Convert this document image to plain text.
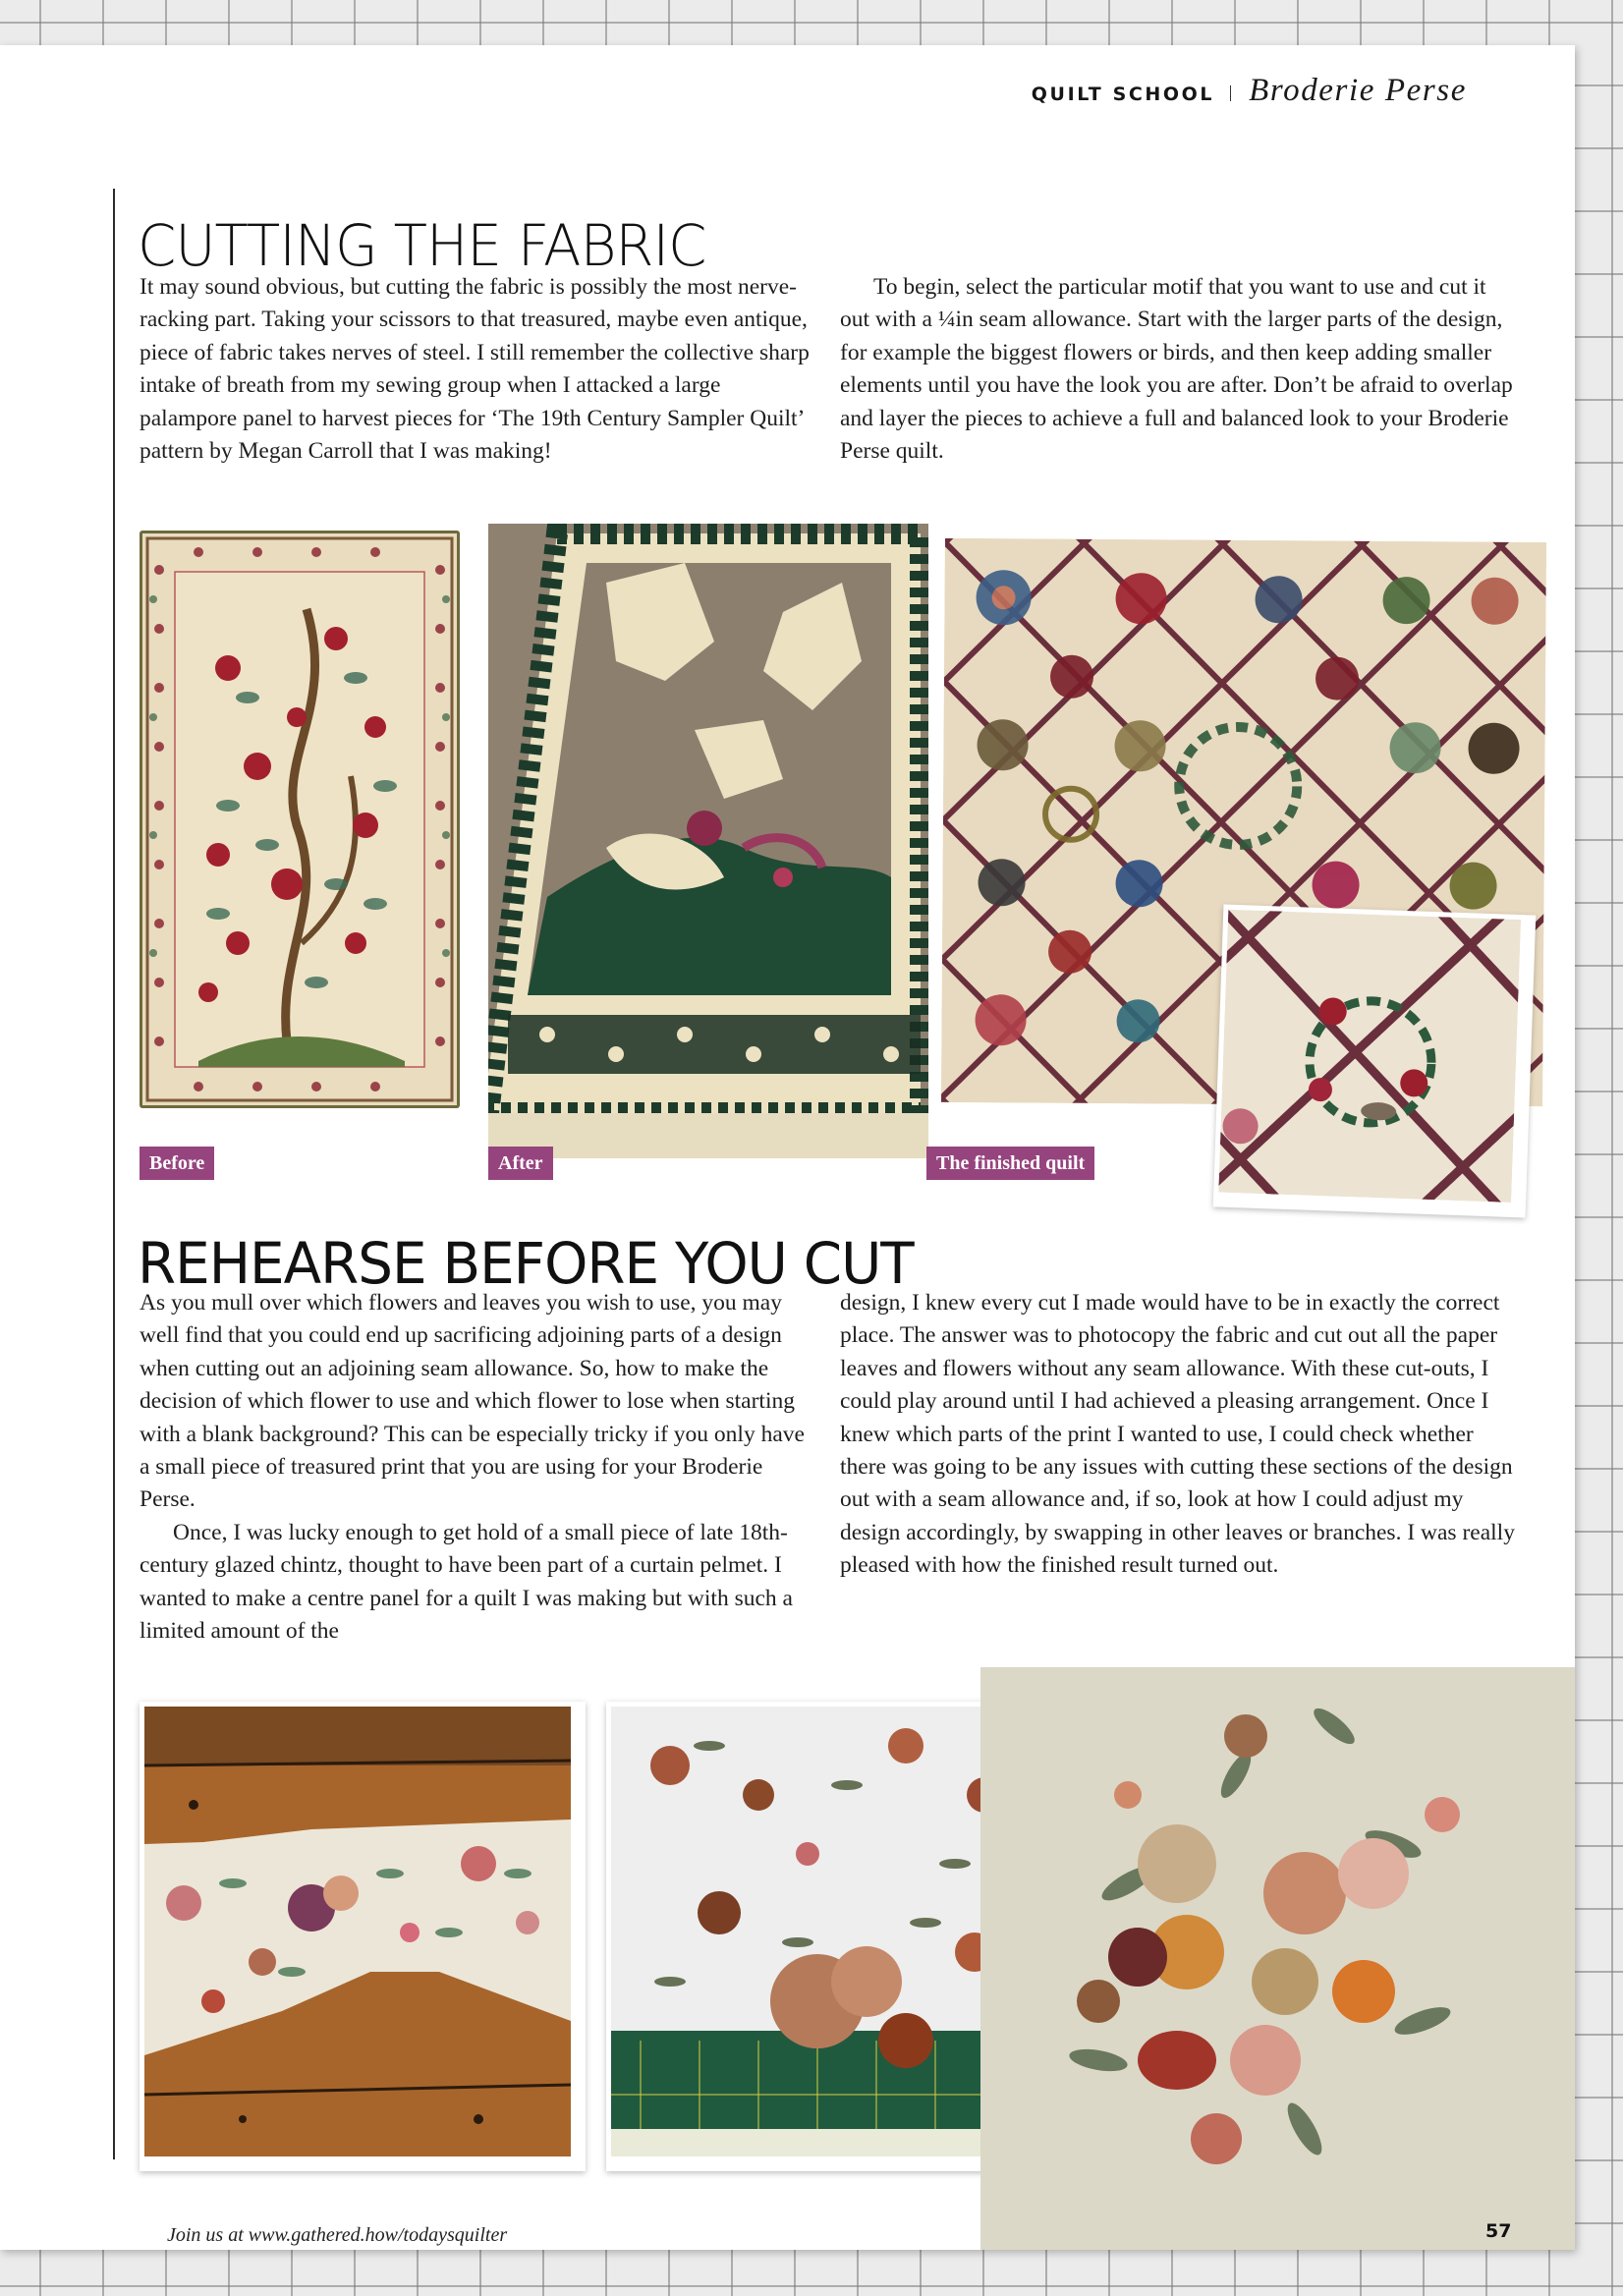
QUILT SCHOOL Broderie Perse
CUTTING THE FABRIC

It may sound obvious, but cutting the fabric is possibly the most nerve-racking part. Taking your scissors to that treasured, maybe even antique, piece of fabric takes nerves of steel. I still remember the collective sharp intake of breath from my sewing group when I attacked a large palampore panel to harvest pieces for ‘The 19th Century Sampler Quilt’ pattern by Megan Carroll that I was making!

To begin, select the particular motif that you want to use and cut it out with a ¼in seam allowance. Start with the larger parts of the design, for example the biggest flowers or birds, and then keep adding smaller elements until you have the look you are after. Don’t be afraid to overlap and layer the pieces to achieve a full and balanced look to your Broderie Perse quilt.

Before	After	The finished quilt
REHEARSE BEFORE YOU CUT

As you mull over which flowers and leaves you wish to use, you may well find that you could end up sacrificing adjoining parts of a design when cutting out an adjoining seam allowance. So, how to make the decision of which flower to use and which flower to lose when starting with a blank background? This can be especially tricky if you only have a small piece of treasured print that you are using for your Broderie Perse.

Once, I was lucky enough to get hold of a small piece of late 18th-century glazed chintz, thought to have been part of a curtain pelmet. I wanted to make a centre panel for a quilt I was making but with such a limited amount of the

design, I knew every cut I made would have to be in exactly the correct place. The answer was to photocopy the fabric and cut out all the paper leaves and flowers without any seam allowance. With these cut-outs, I could play around until I had achieved a pleasing arrangement. Once I knew which parts of the print I wanted to use, I could check whether there was going to be any issues with cutting these sections of the design out with a seam allowance and, if so, look at how I could adjust my design accordingly, by swapping in other leaves or branches. I was really pleased with how the finished result turned out.

Join us at www.gathered.how/todaysquilter	57
